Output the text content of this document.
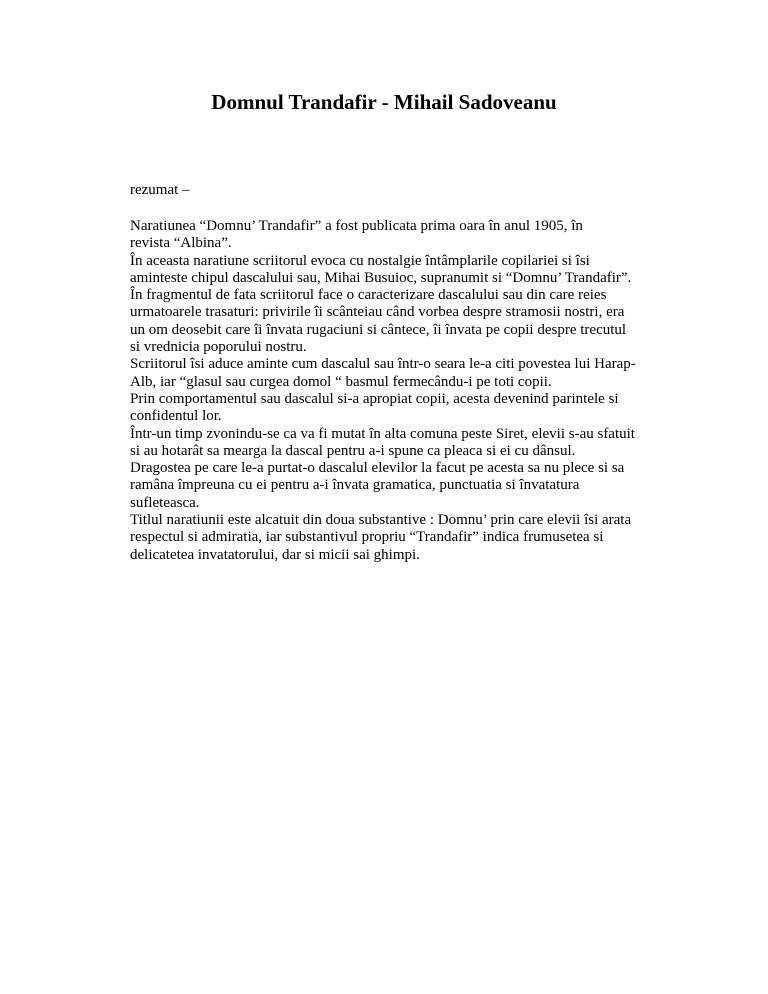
Domnul Trandafir - Mihail Sadoveanu

rezumat –

Naratiunea “Domnu’ Trandafir” a fost publicata prima oara în anul 1905, în
revista “Albina”.
În aceasta naratiune scriitorul evoca cu nostalgie întâmplarile copilariei si îsi
aminteste chipul dascalului sau, Mihai Busuioc, supranumit si “Domnu’ Trandafir”.
În fragmentul de fata scriitorul face o caracterizare dascalului sau din care reies
urmatoarele trasaturi: privirile îi scânteiau când vorbea despre stramosii nostri, era
un om deosebit care îi învata rugaciuni si cântece, îi învata pe copii despre trecutul
si vrednicia poporului nostru.
Scriitorul îsi aduce aminte cum dascalul sau într-o seara le-a citi povestea lui Harap-
Alb, iar “glasul sau curgea domol “ basmul fermecându-i pe toti copii.
Prin comportamentul sau dascalul si-a apropiat copii, acesta devenind parintele si
confidentul lor.
Într-un timp zvonindu-se ca va fi mutat în alta comuna peste Siret, elevii s-au sfatuit
si au hotarât sa mearga la dascal pentru a-i spune ca pleaca si ei cu dânsul.
Dragostea pe care le-a purtat-o dascalul elevilor la facut pe acesta sa nu plece si sa
ramâna împreuna cu ei pentru a-i învata gramatica, punctuatia si învatatura
sufleteasca.
Titlul naratiunii este alcatuit din doua substantive : Domnu’ prin care elevii îsi arata
respectul si admiratia, iar substantivul propriu “Trandafir” indica frumusetea si
delicatetea invatatorului, dar si micii sai ghimpi.
